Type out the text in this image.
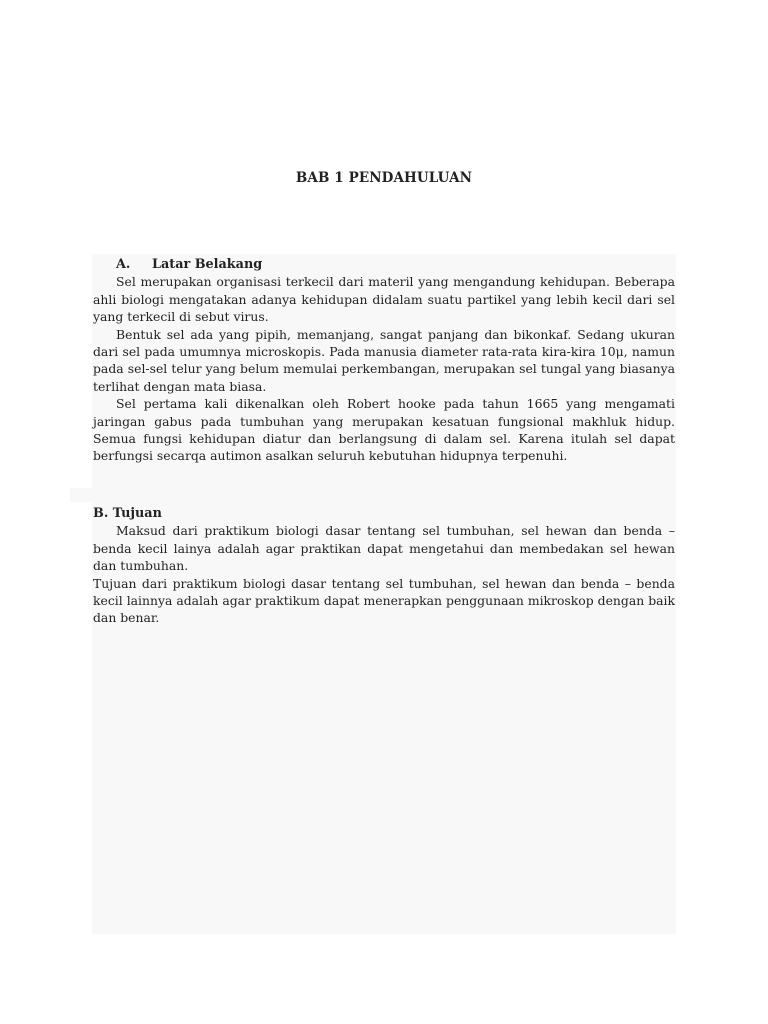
BAB 1 PENDAHULUAN
A. Latar Belakang

Sel merupakan organisasi terkecil dari materil yang mengandung kehidupan. Beberapa ahli biologi mengatakan adanya kehidupan didalam suatu partikel yang lebih kecil dari sel yang terkecil di sebut virus.

Bentuk sel ada yang pipih, memanjang, sangat panjang dan bikonkaf. Sedang ukuran dari sel pada umumnya microskopis. Pada manusia diameter rata-rata kira-kira 10μ, namun pada sel-sel telur yang belum memulai perkembangan, merupakan sel tungal yang biasanya terlihat dengan mata biasa.

Sel pertama kali dikenalkan oleh Robert hooke pada tahun 1665 yang mengamati jaringan gabus pada tumbuhan yang merupakan kesatuan fungsional makhluk hidup. Semua fungsi kehidupan diatur dan berlangsung di dalam sel. Karena itulah sel dapat berfungsi secarqa autimon asalkan seluruh kebutuhan hidupnya terpenuhi.

B. Tujuan

Maksud dari praktikum biologi dasar tentang sel tumbuhan, sel hewan dan benda – benda kecil lainya adalah agar praktikan dapat mengetahui dan membedakan sel hewan dan tumbuhan.

Tujuan dari praktikum biologi dasar tentang sel tumbuhan, sel hewan dan benda – benda kecil lainnya adalah agar praktikum dapat menerapkan penggunaan mikroskop dengan baik dan benar.
